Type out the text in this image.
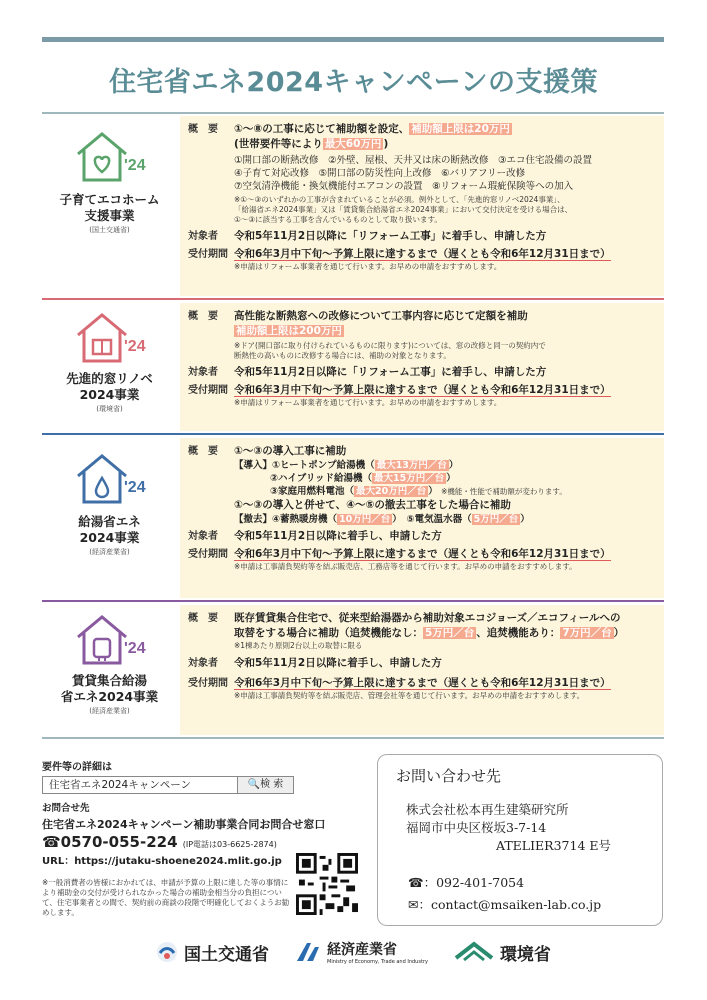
住宅省エネ2024キャンペーンの支援策
'24
子育てエコホーム
支援事業
(国土交通省)
概　要	①〜⑧の工事に応じて補助額を設定、 補助額上限は20万円
(世帯要件等により 最大60万円 )
①開口部の断熱改修　②外壁、屋根、天井又は床の断熱改修　③エコ住宅設備の設置
④子育て対応改修　⑤開口部の防災性向上改修　⑥バリアフリー改修
⑦空気清浄機能・換気機能付エアコンの設置　⑧リフォーム瑕疵保険等への加入
※①〜③のいずれかの工事が含まれていることが必須。例外として、「先進的窓リノベ2024事業」、
「給湯省エネ2024事業」又は「賃貸集合給湯省エネ2024事業」において交付決定を受ける場合は、
①〜③に該当する工事を含んでいるものとして取り扱います。
対象者	令和5年11月2日以降に「リフォーム工事」に着手し、申請した方
受付期間 令和6年3月中下旬〜予算上限に達するまで（遅くとも令和6年12月31日まで）
※申請はリフォーム事業者を通じて行います。お早めの申請をおすすめします。
'24
先進的窓リノベ
2024事業
(環境省)
概　要	高性能な断熱窓への改修について工事内容に応じて定額を補助
補助額上限は200万円
※ドア(開口部に取り付けられているものに限ります)については、窓の改修と同一の契約内で
断熱性の高いものに改修する場合には、補助の対象となります。
対象者	令和5年11月2日以降に「リフォーム工事」に着手し、申請した方
受付期間 令和6年3月中下旬〜予算上限に達するまで（遅くとも令和6年12月31日まで）
※申請はリフォーム事業者を通じて行います。お早めの申請をおすすめします。
'24
給湯省エネ
2024事業
(経済産業省)
概　要	①〜③の導入工事に補助
【導入】①ヒートポンプ給湯機（ 最大13万円／台 ）
②ハイブリッド給湯機（ 最大15万円／台 ）
③家庭用燃料電池（ 最大20万円／台 ） ※機能・性能で補助額が変わります。
①〜③の導入と併せて、④〜⑤の撤去工事をした場合に補助
【撤去】④蓄熱暖房機（ 10万円／台 ）　⑤電気温水器（ 5万円／台 ）
対象者	令和5年11月2日以降に着手し、申請した方
受付期間 令和6年3月中下旬〜予算上限に達するまで（遅くとも令和6年12月31日まで）
※申請は工事請負契約等を結ぶ販売店、工務店等を通じて行います。お早めの申請をおすすめします。
'24
賃貸集合給湯
省エネ2024事業
(経済産業省)
概　要	既存賃貸集合住宅で、従来型給湯器から補助対象エコジョーズ／エコフィールへの
取替をする場合に補助（追焚機能なし： 5万円／台 、追焚機能あり： 7万円／台 ）
※1棟あたり原則2台以上の取替に限る
対象者	令和5年11月2日以降に着手し、申請した方
受付期間 令和6年3月中下旬〜予算上限に達するまで（遅くとも令和6年12月31日まで）
※申請は工事請負契約等を結ぶ販売店、管理会社等を通じて行います。お早めの申請をおすすめします。
要件等の詳細は
住宅省エネ2024キャンペーン	🔍検 索
お問合せ先
住宅省エネ2024キャンペーン補助事業合同お問合せ窓口
☎0570-055-224 (IP電話は03-6625-2874)
URL：https://jutaku-shoene2024.mlit.go.jp
※一般消費者の皆様におかれては、申請が予算の上限に達した等の事情により補助金の交付が受けられなかった場合の補助金相当分の負担について、住宅事業者との間で、契約前の商談の段階で明確化しておくようお勧めします。
お問い合わせ先
株式会社松本再生建築研究所
福岡市中央区桜坂3-7-14
ATELIER3714 E号
☎：092-401-7054
✉：contact@msaiken-lab.co.jp
国土交通省	経済産業省
Ministry of Economy, Trade and Industry	環境省
